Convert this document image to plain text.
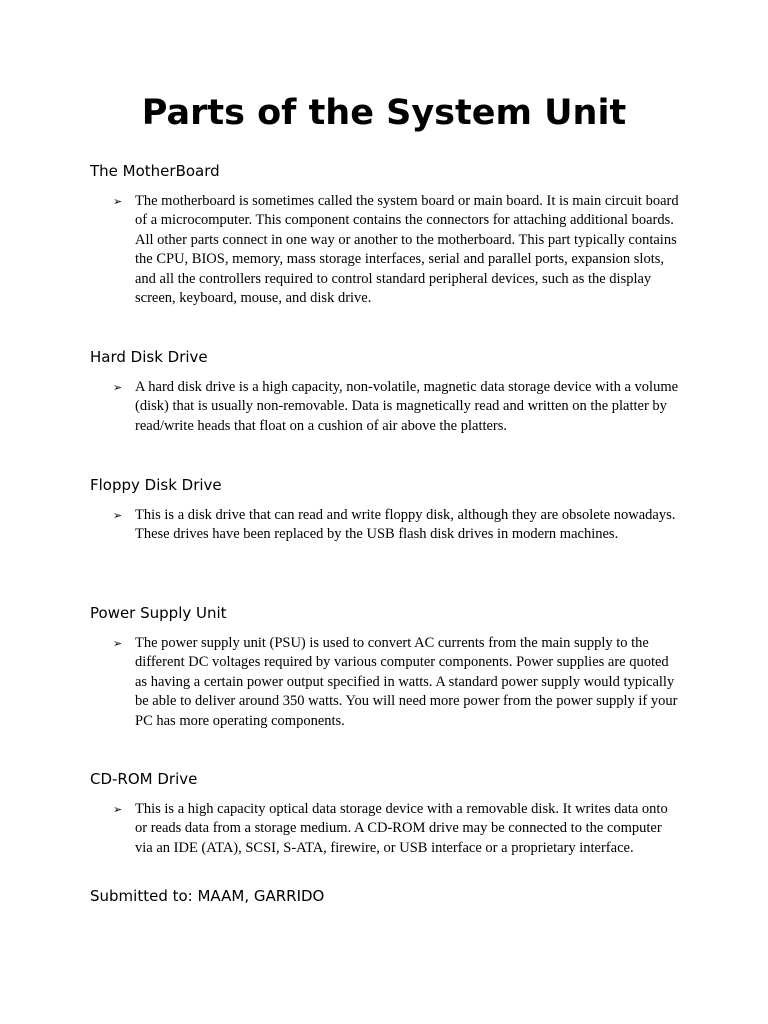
Parts of the System Unit
The MotherBoard
➢ The motherboard is sometimes called the system board or main board. It is main circuit board of a microcomputer. This component contains the connectors for attaching additional boards. All other parts connect in one way or another to the motherboard. This part typically contains the CPU, BIOS, memory, mass storage interfaces, serial and parallel ports, expansion slots, and all the controllers required to control standard peripheral devices, such as the display screen, keyboard, mouse, and disk drive.

Hard Disk Drive
➢ A hard disk drive is a high capacity, non-volatile, magnetic data storage device with a volume (disk) that is usually non-removable. Data is magnetically read and written on the platter by read/write heads that float on a cushion of air above the platters.

Floppy Disk Drive
➢ This is a disk drive that can read and write floppy disk, although they are obsolete nowadays. These drives have been replaced by the USB flash disk drives in modern machines.

Power Supply Unit
➢ The power supply unit (PSU) is used to convert AC currents from the main supply to the different DC voltages required by various computer components. Power supplies are quoted as having a certain power output specified in watts. A standard power supply would typically be able to deliver around 350 watts. You will need more power from the power supply if your PC has more operating components.

CD-ROM Drive
➢ This is a high capacity optical data storage device with a removable disk. It writes data onto or reads data from a storage medium. A CD-ROM drive may be connected to the computer via an IDE (ATA), SCSI, S-ATA, firewire, or USB interface or a proprietary interface.

Submitted to: MAAM, GARRIDO
